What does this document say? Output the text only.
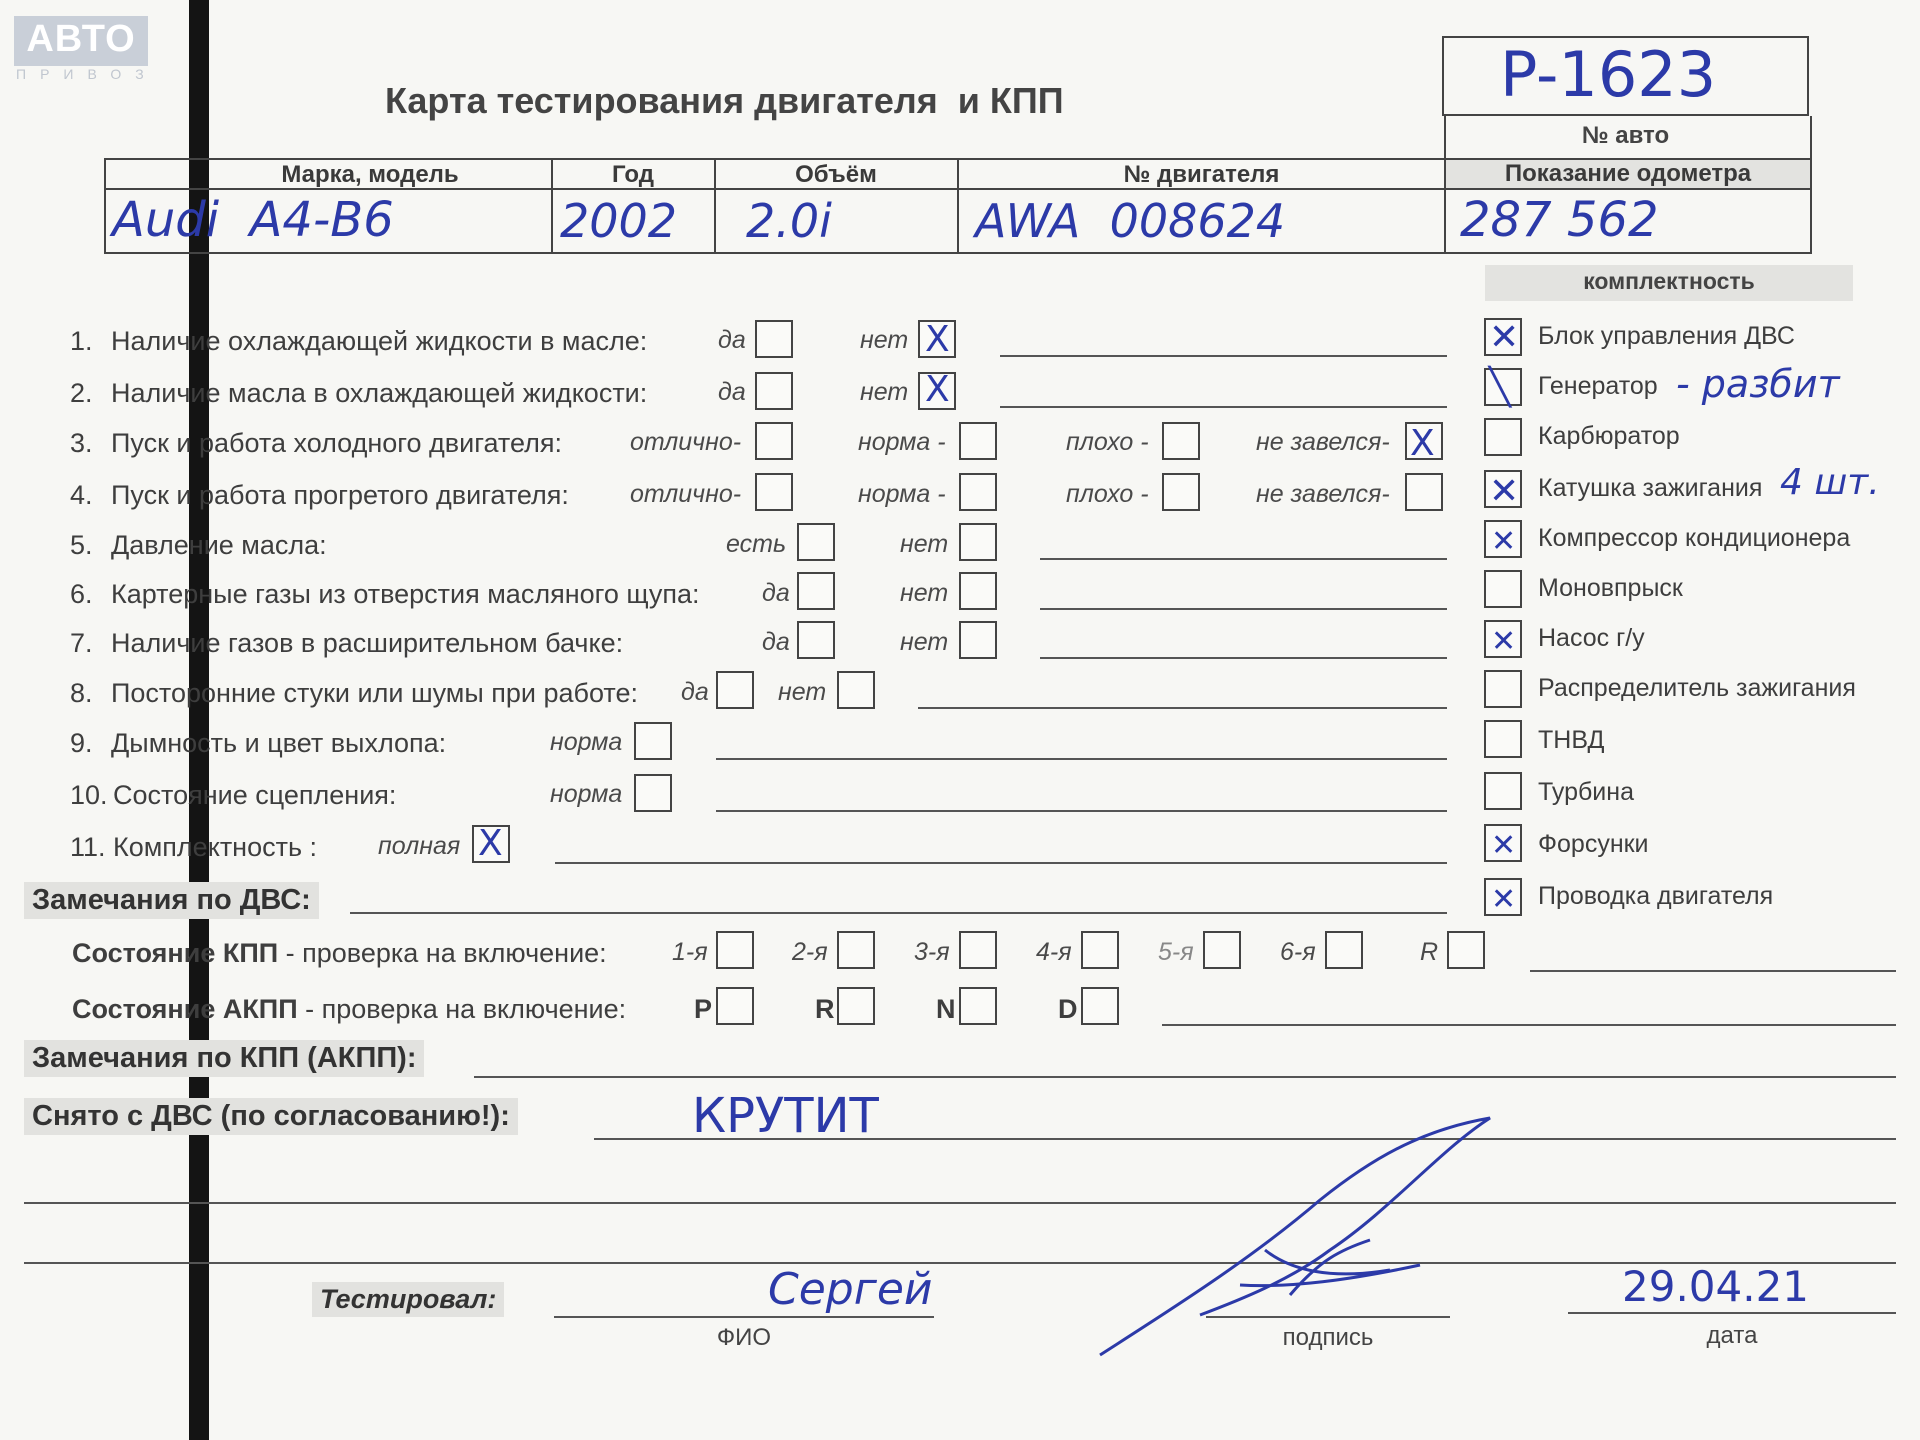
АВТО
ПРИВОЗ
Карта тестирования двигателя  и КПП	P-1623
№ авто
Марка, модель	Год	Объём	№ двигателя	Показание одометра
Audi  A4-B6	2002 2.0i	AWA  008624	287 562
комплектность
1. Наличие охлаждающей жидкости в масле:	да	нет X
2. Наличие масла в охлаждающей жидкости:	да	нет X
3. Пуск и работа холодного двигателя:	отлично-	норма -	плохо -	не завелся- X
4. Пуск и работа прогретого двигателя: отлично-	норма -	плохо -	не завелся-
5. Давление масла:	есть	нет
6. Картерные газы из отверстия масляного щупа: да	нет
7. Наличие газов в расширительном бачке:	да	нет
8. Посторонние стуки или шумы при работе: да	нет
9. Дымность и цвет выхлопа:	норма
10. Состояние сцепления:	норма
11. Комплектность : полная X
Замечания по ДВС:
✕ Блок управления ДВС
╲ Генератор - разбит
Карбюратор
✕ Катушка зажигания 4 шт.
✕ Компрессор кондиционера
Моновпрыск
✕ Насос г/у
Распределитель зажигания
ТНВД
Турбина
✕ Форсунки
✕ Проводка двигателя
Состояние КПП - проверка на включение:	1-я	2-я	3-я	4-я	5-я	6-я	R
Состояние АКПП - проверка на включение:	P	R	N	D
Замечания по КПП (АКПП):
Снято с ДВС (по согласованию!):	КРУТИТ
Тестировал:	Сергей
ФИО	подпись
29.04.21
дата
